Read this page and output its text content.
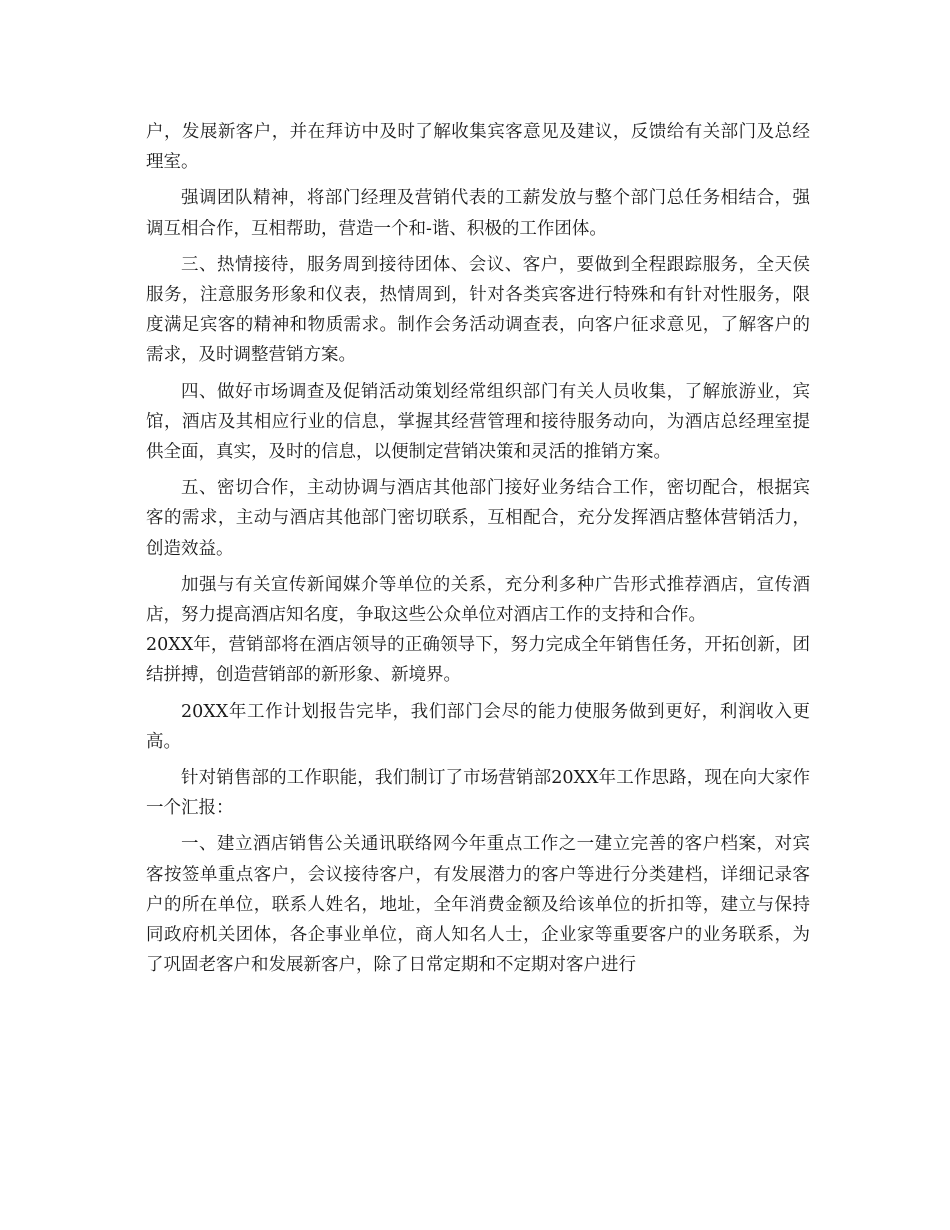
户，发展新客户，并在拜访中及时了解收集宾客意见及建议，反馈给有关部门及总经理室。

强调团队精神，将部门经理及营销代表的工薪发放与整个部门总任务相结合，强调互相合作，互相帮助，营造一个和-谐、积极的工作团体。

三、热情接待，服务周到接待团体、会议、客户，要做到全程跟踪服务，全天侯服务，注意服务形象和仪表，热情周到，针对各类宾客进行特殊和有针对性服务，限度满足宾客的精神和物质需求。制作会务活动调查表，向客户征求意见，了解客户的需求，及时调整营销方案。

四、做好市场调查及促销活动策划经常组织部门有关人员收集，了解旅游业，宾馆，酒店及其相应行业的信息，掌握其经营管理和接待服务动向，为酒店总经理室提供全面，真实，及时的信息，以便制定营销决策和灵活的推销方案。

五、密切合作，主动协调与酒店其他部门接好业务结合工作，密切配合，根据宾客的需求，主动与酒店其他部门密切联系，互相配合，充分发挥酒店整体营销活力，创造效益。

加强与有关宣传新闻媒介等单位的关系，充分利多种广告形式推荐酒店，宣传酒店，努力提高酒店知名度，争取这些公众单位对酒店工作的支持和合作。

20XX年，营销部将在酒店领导的正确领导下，努力完成全年销售任务，开拓创新，团结拼搏，创造营销部的新形象、新境界。

20XX年工作计划报告完毕，我们部门会尽的能力使服务做到更好，利润收入更高。

针对销售部的工作职能，我们制订了市场营销部20XX年工作思路，现在向大家作一个汇报：

一、建立酒店销售公关通讯联络网今年重点工作之一建立完善的客户档案，对宾客按签单重点客户，会议接待客户，有发展潜力的客户等进行分类建档，详细记录客户的所在单位，联系人姓名，地址，全年消费金额及给该单位的折扣等，建立与保持同政府机关团体，各企事业单位，商人知名人士，企业家等重要客户的业务联系，为了巩固老客户和发展新客户，除了日常定期和不定期对客户进行
